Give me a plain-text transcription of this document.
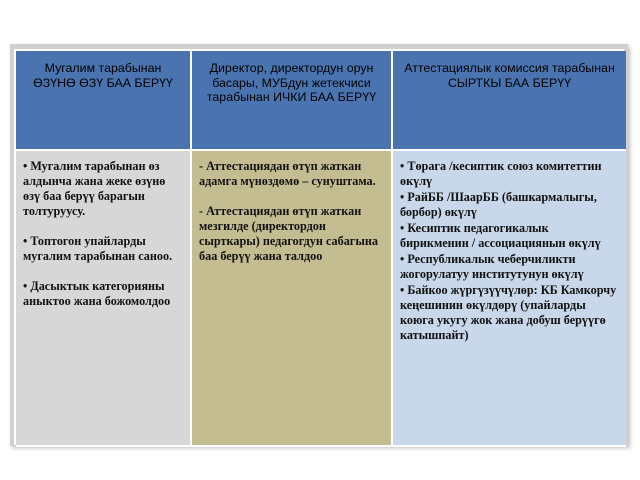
Мугалим тарабынан ӨЗҮНӨ ӨЗҮ БАА БЕРҮҮ
Директор, директордун орун басары, МУБдун жетекчиси тарабынан ИЧКИ БАА БЕРҮҮ
Аттестациялык комиссия тарабынан СЫРТКЫ БАА БЕРҮҮ
• Мугалим тарабынан өз алдынча жана жеке өзүнө өзү баа берүү барагын толтуруусу.
• Топтогон упайларды мугалим тарабынан саноо.
• Дасыктык категорияны аныктоо жана божомолдоо
- Аттестациядан өтүп жаткан адамга мүнөздөмө – сунуштама.
- Аттестациядан өтүп жаткан мезгилде (директордон сырткары) педагогдун сабагына баа берүү жана талдоо
• Төрага /кесиптик союз комитеттин өкүлү
• РайББ /ШаарББ (башкармалыгы, борбор) өкүлү
• Кесиптик педагогикалык бирикменин / ассоциациянын өкүлү
• Республикалык чеберчиликти жогорулатуу институтунун өкүлү
• Байкоо жүргүзүүчүлөр: КБ Камкорчу кеңешинин өкүлдөрү (упайларды коюга укугу жок жана добуш берүүгө катышпайт)
